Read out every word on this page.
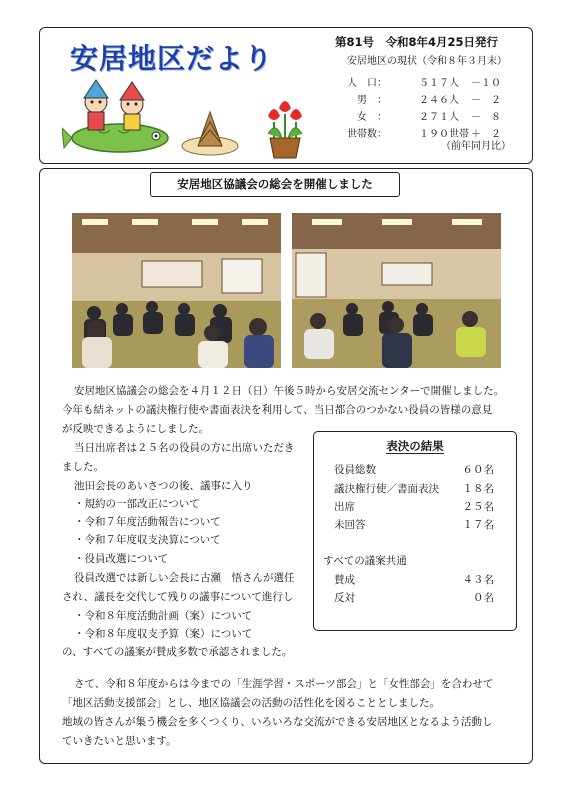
安居地区だより	第81号　令和8年4月25日発行
安居地区の現状（令和８年３月末）
人　口：	５１７人 －１０
　男　：	２４６人 －　２
　女　：	２７１人 －　８
世帯数：	１９０世帯 ＋　２
（前年同月比）
安居地区協議会の総会を開催しました
安居地区協議会の総会を４月１２日（日）午後５時から安居交流センターで開催しました。
今年も結ネットの議決権行使や書面表決を利用して、当日都合のつかない役員の皆様の意見
が反映できるようにしました。
当日出席者は２５名の役員の方に出席いただき
ました。
池田会長のあいさつの後、議事に入り
・規約の一部改正について
・令和７年度活動報告について
・令和７年度収支決算について
・役員改選について
役員改選では新しい会長に古瀬　悟さんが選任
され、議長を交代して残りの議事について進行し
・令和８年度活動計画（案）について
・令和８年度収支予算（案）について
の、すべての議案が賛成多数で承認されました。
さて、令和８年度からは今までの「生涯学習・スポーツ部会」と「女性部会」を合わせて
「地区活動支援部会」とし、地区協議会の活動の活性化を図ることとしました。
地域の皆さんが集う機会を多くつくり、いろいろな交流ができる安居地区となるよう活動し
ていきたいと思います。
表決の結果
役員総数	６０名
議決権行使／書面表決	１８名
出席	２５名
未回答	１７名
すべての議案共通
賛成	４３名
反対	０名
